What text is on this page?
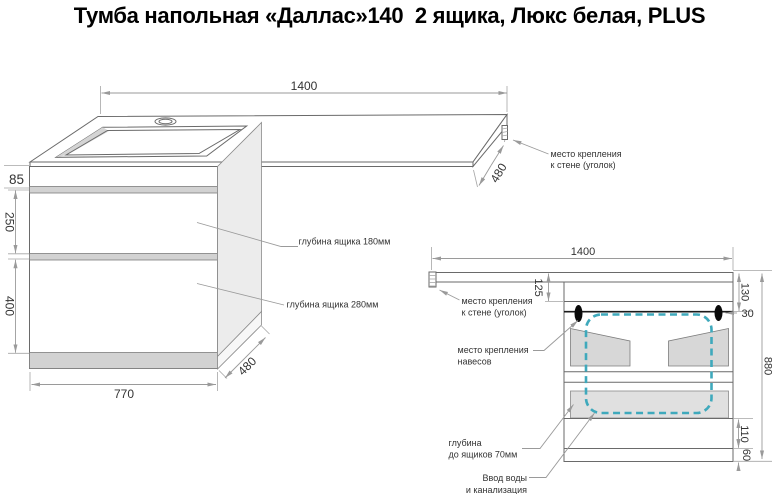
Тумба напольная «Даллас»140  2 ящика, Люкс белая, PLUS
1400
85
250
400
770
480
480
место крепления
к стене (уголок)
глубина ящика 180мм
глубина ящика 280мм	место крепления
к стене (уголок)
1400
125	130
30
880
110
60
место крепления
навесов
глубина
до ящиков 70мм
Ввод воды
и канализация
